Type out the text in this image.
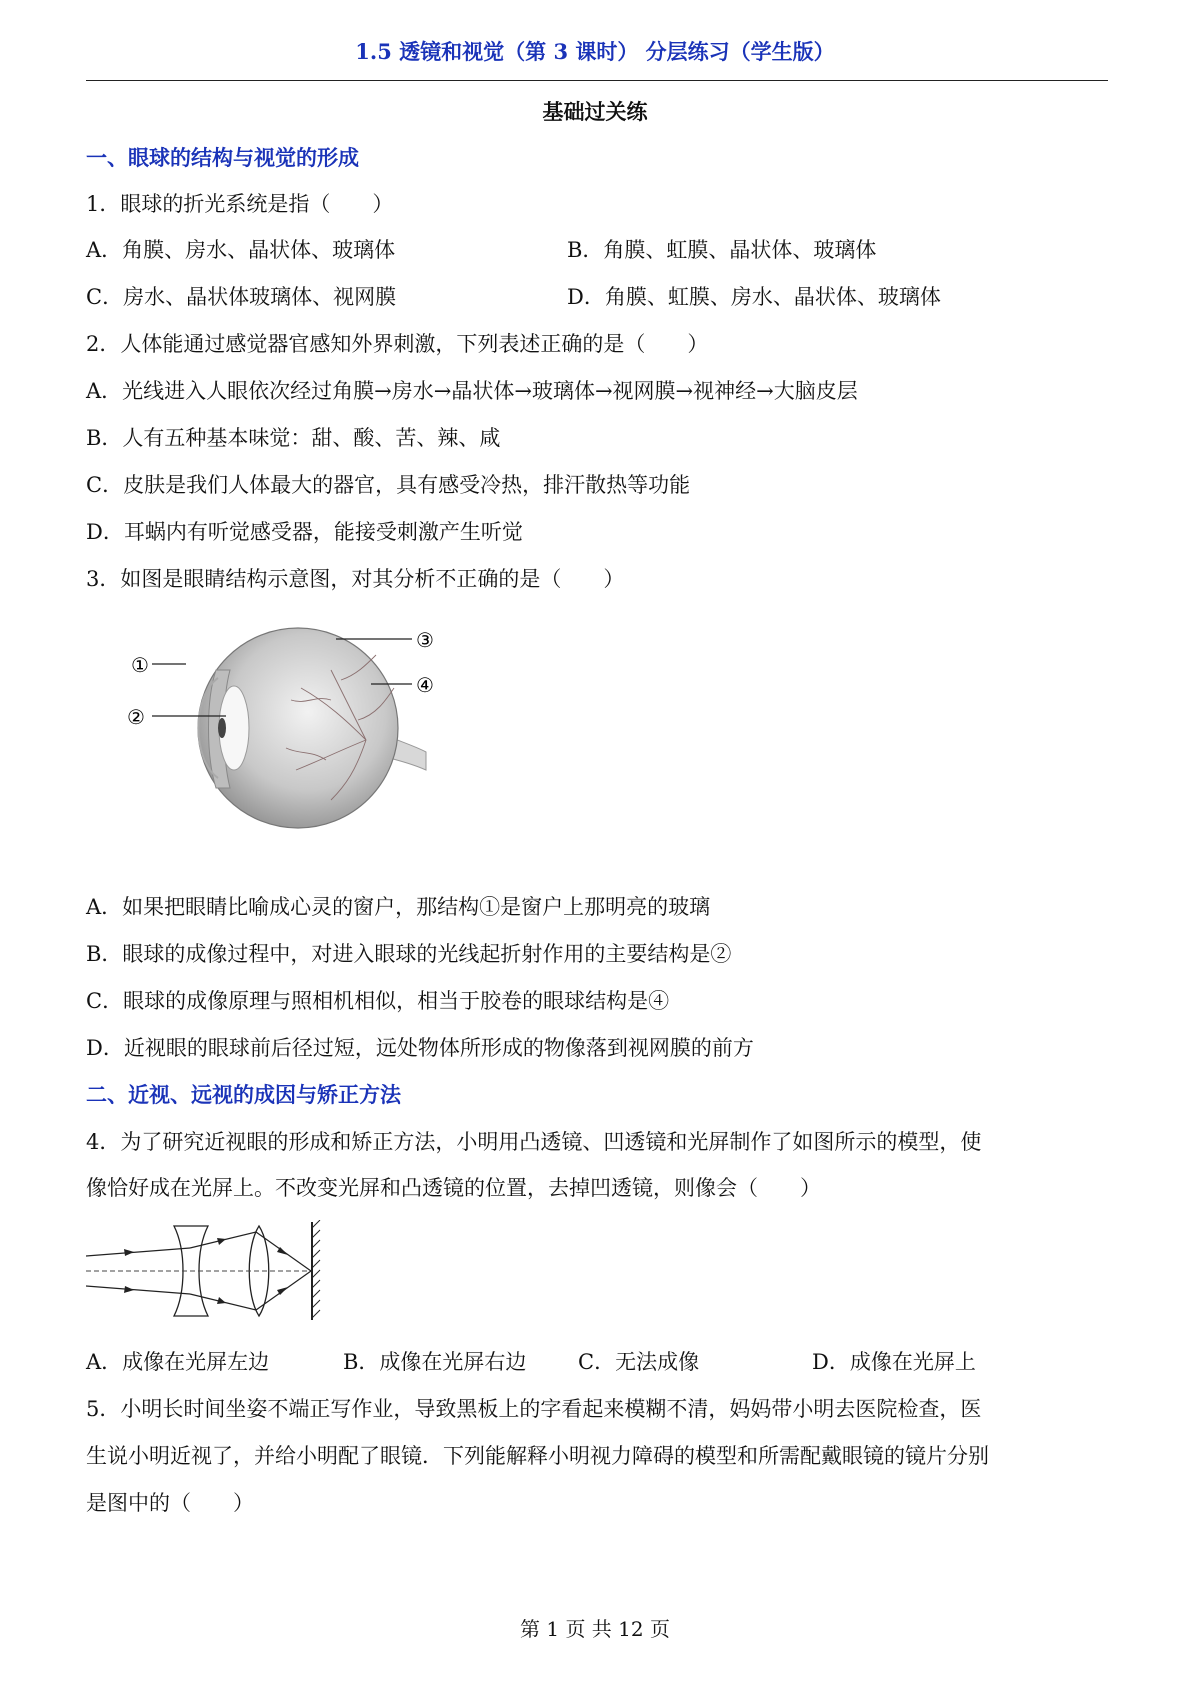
1.5 透镜和视觉（第 3 课时） 分层练习（学生版）
基础过关练
一、眼球的结构与视觉的形成
1．眼球的折光系统是指（　　）
A．角膜、房水、晶状体、玻璃体	B．角膜、虹膜、晶状体、玻璃体
C．房水、晶状体玻璃体、视网膜	D．角膜、虹膜、房水、晶状体、玻璃体
2．人体能通过感觉器官感知外界刺激，下列表述正确的是（　　）
A．光线进入人眼依次经过角膜→房水→晶状体→玻璃体→视网膜→视神经→大脑皮层
B．人有五种基本味觉：甜、酸、苦、辣、咸
C．皮肤是我们人体最大的器官，具有感受冷热，排汗散热等功能
D．耳蜗内有听觉感受器，能接受刺激产生听觉
3．如图是眼睛结构示意图，对其分析不正确的是（　　）
①
②
③
④
A．如果把眼睛比喻成心灵的窗户，那结构①是窗户上那明亮的玻璃
B．眼球的成像过程中，对进入眼球的光线起折射作用的主要结构是②
C．眼球的成像原理与照相机相似，相当于胶卷的眼球结构是④
D．近视眼的眼球前后径过短，远处物体所形成的物像落到视网膜的前方
二、近视、远视的成因与矫正方法
4．为了研究近视眼的形成和矫正方法，小明用凸透镜、凹透镜和光屏制作了如图所示的模型，使
像恰好成在光屏上。不改变光屏和凸透镜的位置，去掉凹透镜，则像会（　　）
A．成像在光屏左边	B．成像在光屏右边 C．无法成像	D．成像在光屏上
5．小明长时间坐姿不端正写作业，导致黑板上的字看起来模糊不清，妈妈带小明去医院检查，医
生说小明近视了，并给小明配了眼镜．下列能解释小明视力障碍的模型和所需配戴眼镜的镜片分别
是图中的（　　）
第 1 页 共 12 页
